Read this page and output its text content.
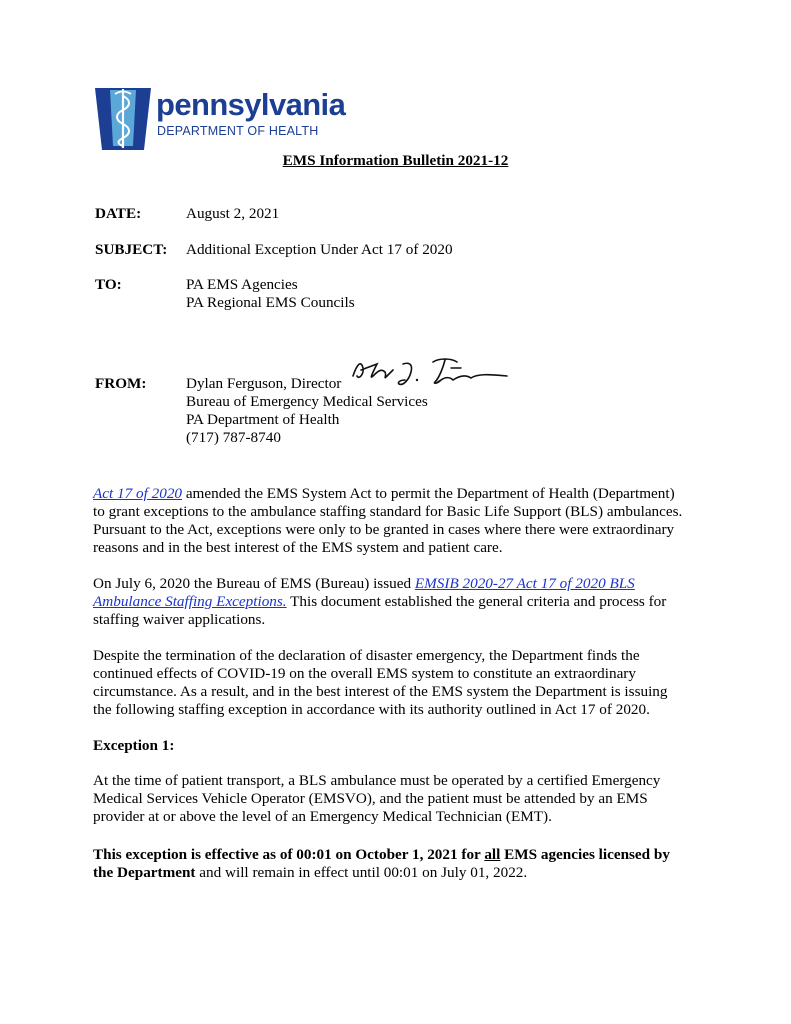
pennsylvania
DEPARTMENT OF HEALTH
EMS Information Bulletin 2021-12
DATE:	August 2, 2021
SUBJECT: Additional Exception Under Act 17 of 2020
TO:	PA EMS Agencies
PA Regional EMS Councils
FROM:	Dylan Ferguson, Director
Bureau of Emergency Medical Services
PA Department of Health
(717) 787-8740
Act 17 of 2020 amended the EMS System Act to permit the Department of Health (Department)
to grant exceptions to the ambulance staffing standard for Basic Life Support (BLS) ambulances.
Pursuant to the Act, exceptions were only to be granted in cases where there were extraordinary
reasons and in the best interest of the EMS system and patient care.
On July 6, 2020 the Bureau of EMS (Bureau) issued EMSIB 2020-27 Act 17 of 2020 BLS
Ambulance Staffing Exceptions. This document established the general criteria and process for
staffing waiver applications.
Despite the termination of the declaration of disaster emergency, the Department finds the
continued effects of COVID-19 on the overall EMS system to constitute an extraordinary
circumstance. As a result, and in the best interest of the EMS system the Department is issuing
the following staffing exception in accordance with its authority outlined in Act 17 of 2020.
Exception 1:
At the time of patient transport, a BLS ambulance must be operated by a certified Emergency
Medical Services Vehicle Operator (EMSVO), and the patient must be attended by an EMS
provider at or above the level of an Emergency Medical Technician (EMT).
This exception is effective as of 00:01 on October 1, 2021 for all EMS agencies licensed by
the Department and will remain in effect until 00:01 on July 01, 2022.
